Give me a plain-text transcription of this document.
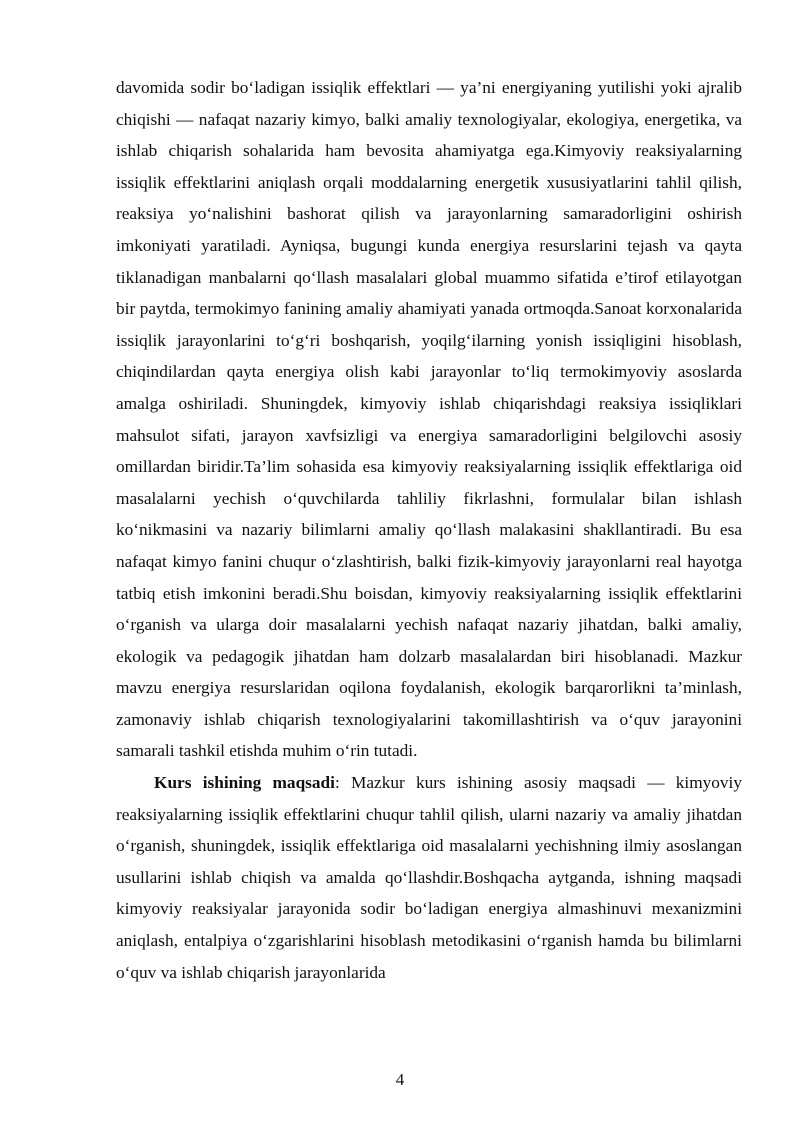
davomida sodir bo‘ladigan issiqlik effektlari — ya’ni energiyaning yutilishi yoki ajralib chiqishi — nafaqat nazariy kimyo, balki amaliy texnologiyalar, ekologiya, energetika, va ishlab chiqarish sohalarida ham bevosita ahamiyatga ega.Kimyoviy reaksiyalarning issiqlik effektlarini aniqlash orqali moddalarning energetik xususiyatlarini tahlil qilish, reaksiya yo‘nalishini bashorat qilish va jarayonlarning samaradorligini oshirish imkoniyati yaratiladi. Ayniqsa, bugungi kunda energiya resurslarini tejash va qayta tiklanadigan manbalarni qo‘llash masalalari global muammo sifatida e’tirof etilayotgan bir paytda, termokimyo fanining amaliy ahamiyati yanada ortmoqda.Sanoat korxonalarida issiqlik jarayonlarini to‘g‘ri boshqarish, yoqilg‘ilarning yonish issiqligini hisoblash, chiqindilardan qayta energiya olish kabi jarayonlar to‘liq termokimyoviy asoslarda amalga oshiriladi. Shuningdek, kimyoviy ishlab chiqarishdagi reaksiya issiqliklari mahsulot sifati, jarayon xavfsizligi va energiya samaradorligini belgilovchi asosiy omillardan biridir.Ta’lim sohasida esa kimyoviy reaksiyalarning issiqlik effektlariga oid masalalarni yechish o‘quvchilarda tahliliy fikrlashni, formulalar bilan ishlash ko‘nikmasini va nazariy bilimlarni amaliy qo‘llash malakasini shakllantiradi. Bu esa nafaqat kimyo fanini chuqur o‘zlashtirish, balki fizik-kimyoviy jarayonlarni real hayotga tatbiq etish imkonini beradi.Shu boisdan, kimyoviy reaksiyalarning issiqlik effektlarini o‘rganish va ularga doir masalalarni yechish nafaqat nazariy jihatdan, balki amaliy, ekologik va pedagogik jihatdan ham dolzarb masalalardan biri hisoblanadi. Mazkur mavzu energiya resurslaridan oqilona foydalanish, ekologik barqarorlikni ta’minlash, zamonaviy ishlab chiqarish texnologiyalarini takomillashtirish va o‘quv jarayonini samarali tashkil etishda muhim o‘rin tutadi.

Kurs ishining maqsadi: Mazkur kurs ishining asosiy maqsadi — kimyoviy reaksiyalarning issiqlik effektlarini chuqur tahlil qilish, ularni nazariy va amaliy jihatdan o‘rganish, shuningdek, issiqlik effektlariga oid masalalarni yechishning ilmiy asoslangan usullarini ishlab chiqish va amalda qo‘llashdir.Boshqacha aytganda, ishning maqsadi kimyoviy reaksiyalar jarayonida sodir bo‘ladigan energiya almashinuvi mexanizmini aniqlash, entalpiya o‘zgarishlarini hisoblash metodikasini o‘rganish hamda bu bilimlarni o‘quv va ishlab chiqarish jarayonlarida

4
